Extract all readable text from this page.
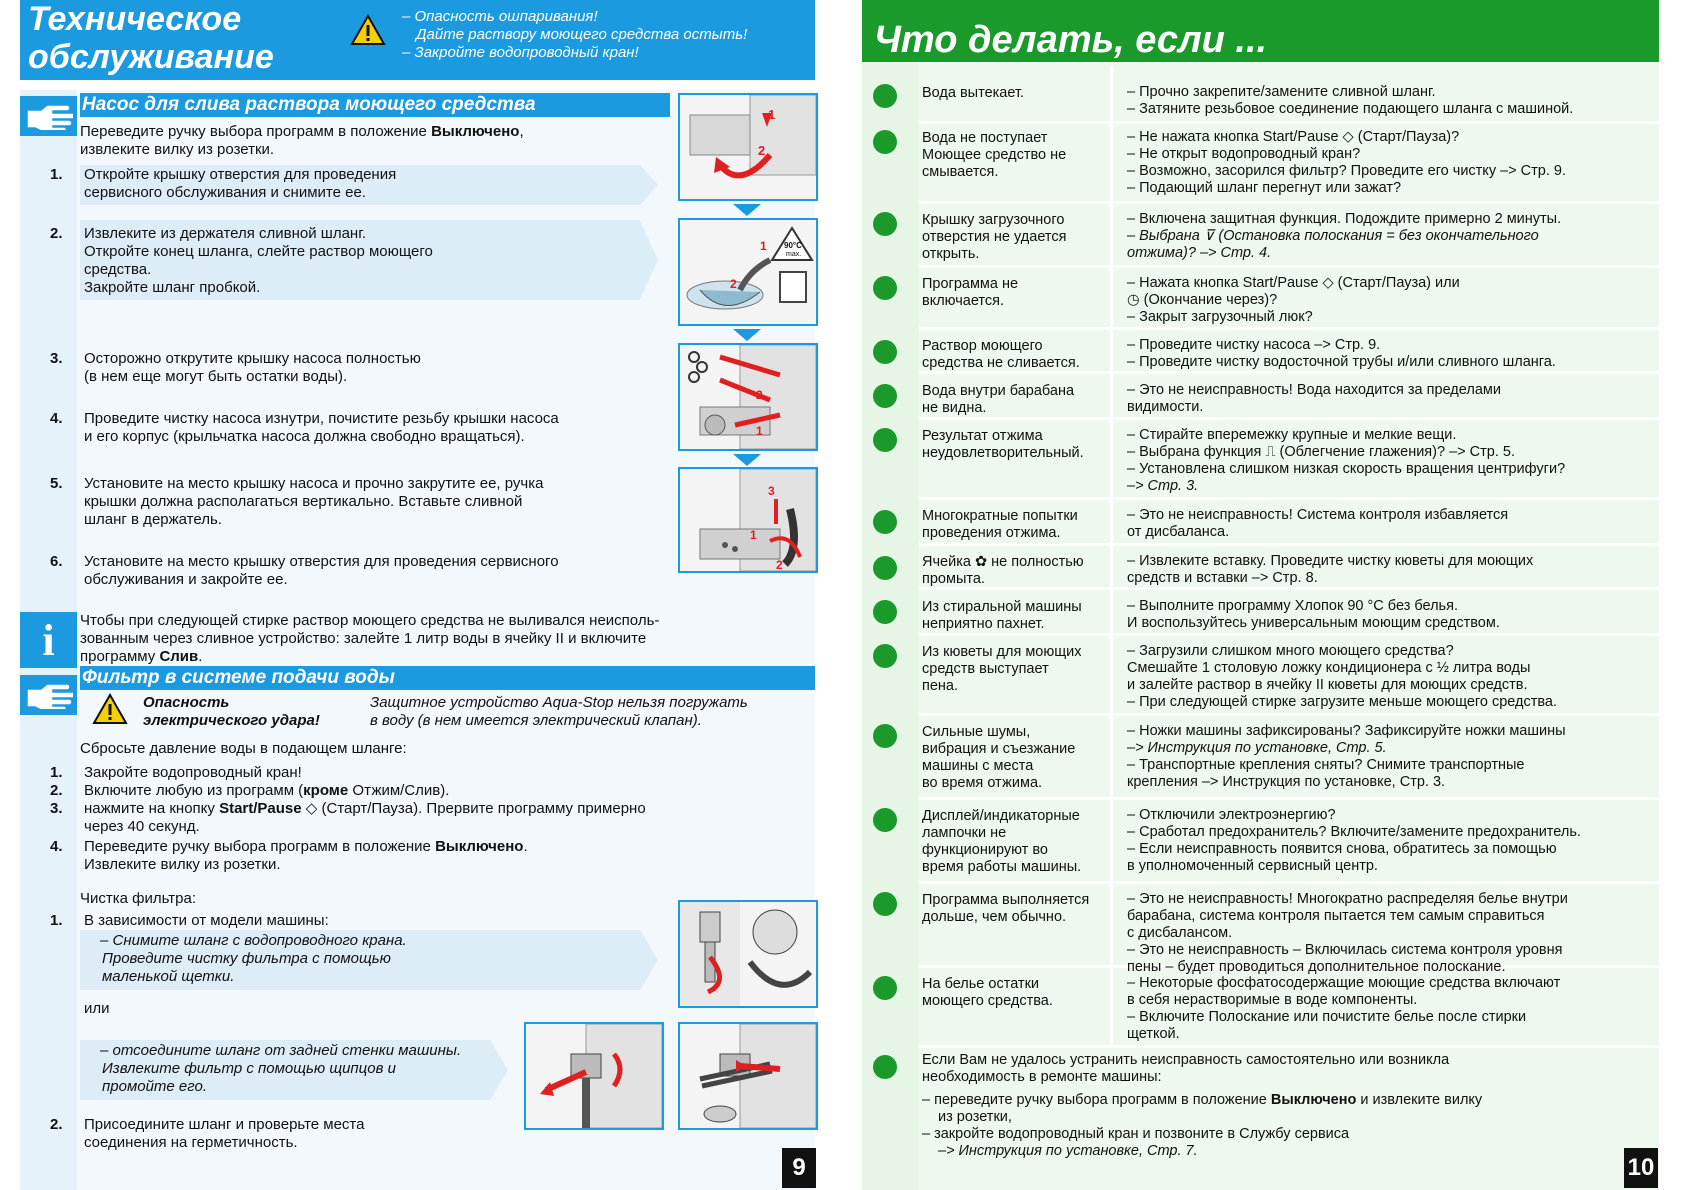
Техническое
обслуживание
– Опасность ошпаривания!
Дайте раствору моющего средства остыть!
– Закройте водопроводный кран!
Насос для слива раствора моющего средства
Переведите ручку выбора программ в положение Выключено,
извлеките вилку из розетки.
1. Откройте крышку отверстия для проведения
сервисного обслуживания и снимите ее.
2. Извлеките из держателя сливной шланг.
Откройте конец шланга, слейте раствор моющего
средства.
Закройте шланг пробкой.
3. Осторожно открутите крышку насоса полностью
(в нем еще могут быть остатки воды).
4. Проведите чистку насоса изнутри, почистите резьбу крышки насоса
и его корпус (крыльчатка насоса должна свободно вращаться).
5. Установите на место крышку насоса и прочно закрутите ее, ручка
крышки должна располагаться вертикально. Вставьте сливной
шланг в держатель.
6. Установите на место крышку отверстия для проведения сервисного
обслуживания и закройте ее.
1
2
90°C
max.
1
2
2
1
3
1
2
i	Чтобы при следующей стирке раствор моющего средства не выливался неисполь-
зованным через сливное устройство: залейте 1 литр воды в ячейку II и включите
программу Слив.
Фильтр в системе подачи воды
Опасность
электрического удара!
Защитное устройство Aqua-Stop нельзя погружать
в воду (в нем имеется электрический клапан).
Сбросьте давление воды в подающем шланге:
1. Закройте водопроводный кран!
2. Включите любую из программ (кроме Отжим/Слив).
3. нажмите на кнопку Start/Pause ◇ (Старт/Пауза). Прервите программу примерно
через 40 секунд.
4. Переведите ручку выбора программ в положение Выключено.
Извлеките вилку из розетки.
Чистка фильтра:
1. В зависимости от модели машины:
– Снимите шланг с водопроводного крана.
Проведите чистку фильтра с помощью
маленькой щетки.
или
– отсоедините шланг от задней стенки машины.
Извлеките фильтр с помощью щипцов и
промойте его.
2. Присоедините шланг и проверьте места
соединения на герметичность.
9
Что делать, если ...
Вода вытекает.	– Прочно закрепите/замените сливной шланг.
– Затяните резьбовое соединение подающего шланга с машиной.
Вода не поступает
Моющее средство не
смывается.
– Не нажата кнопка Start/Pause ◇ (Старт/Пауза)?
– Не открыт водопроводный кран?
– Возможно, засорился фильтр? Проведите его чистку –> Стр. 9.
– Подающий шланг перегнут или зажат?
Крышку загрузочного
отверстия не удается
открыть.
– Включена защитная функция. Подождите примерно 2 минуты.
– Выбрана ⊽ (Остановка полоскания = без окончательного
отжима)? –> Стр. 4.
Программа не
включается.
– Нажата кнопка Start/Pause ◇ (Старт/Пауза) или
◷ (Окончание через)?
– Закрыт загрузочный люк?
Раствор моющего
средства не сливается.
– Проведите чистку насоса –> Стр. 9.
– Проведите чистку водосточной трубы и/или сливного шланга.
Вода внутри барабана
не видна.
– Это не неисправность! Вода находится за пределами
видимости.
Результат отжима
неудовлетворительный.
– Стирайте вперемежку крупные и мелкие вещи.
– Выбрана функция ⎍ (Облегчение глажения)? –> Стр. 5.
– Установлена слишком низкая скорость вращения центрифуги?
–> Стр. 3.
Многократные попытки
проведения отжима.
– Это не неисправность! Система контроля избавляется
от дисбаланса.
Ячейка ✿ не полностью
промыта.
– Извлеките вставку. Проведите чистку кюветы для моющих
средств и вставки –> Стр. 8.
Из стиральной машины
неприятно пахнет.
– Выполните программу Хлопок 90 °C без белья.
И воспользуйтесь универсальным моющим средством.
Из кюветы для моющих
средств выступает
пена.
– Загрузили слишком много моющего средства?
Смешайте 1 столовую ложку кондиционера с ½ литра воды
и залейте раствор в ячейку II кюветы для моющих средств.
– При следующей стирке загрузите меньше моющего средства.
Сильные шумы,
вибрация и съезжание
машины с места
во время отжима.
– Ножки машины зафиксированы? Зафиксируйте ножки машины
–> Инструкция по установке, Стр. 5.
– Транспортные крепления сняты? Снимите транспортные
крепления –> Инструкция по установке, Стр. 3.
Дисплей/индикаторные
лампочки не
функционируют во
время работы машины.
– Отключили электроэнергию?
– Сработал предохранитель? Включите/замените предохранитель.
– Если неисправность появится снова, обратитесь за помощью
в уполномоченный сервисный центр.
Программа выполняется
дольше, чем обычно.
– Это не неисправность! Многократно распределяя белье внутри
барабана, система контроля пытается тем самым справиться
с дисбалансом.
– Это не неисправность – Включилась система контроля уровня
пены – будет проводиться дополнительное полоскание.
На белье остатки
моющего средства.
– Некоторые фосфатосодержащие моющие средства включают
в себя нерастворимые в воде компоненты.
– Включите Полоскание или почистите белье после стирки
щеткой.
Если Вам не удалось устранить неисправность самостоятельно или возникла
необходимость в ремонте машины:
– переведите ручку выбора программ в положение Выключено и извлеките вилку
из розетки,
– закройте водопроводный кран и позвоните в Службу сервиса
–> Инструкция по установке, Стр. 7.
10
